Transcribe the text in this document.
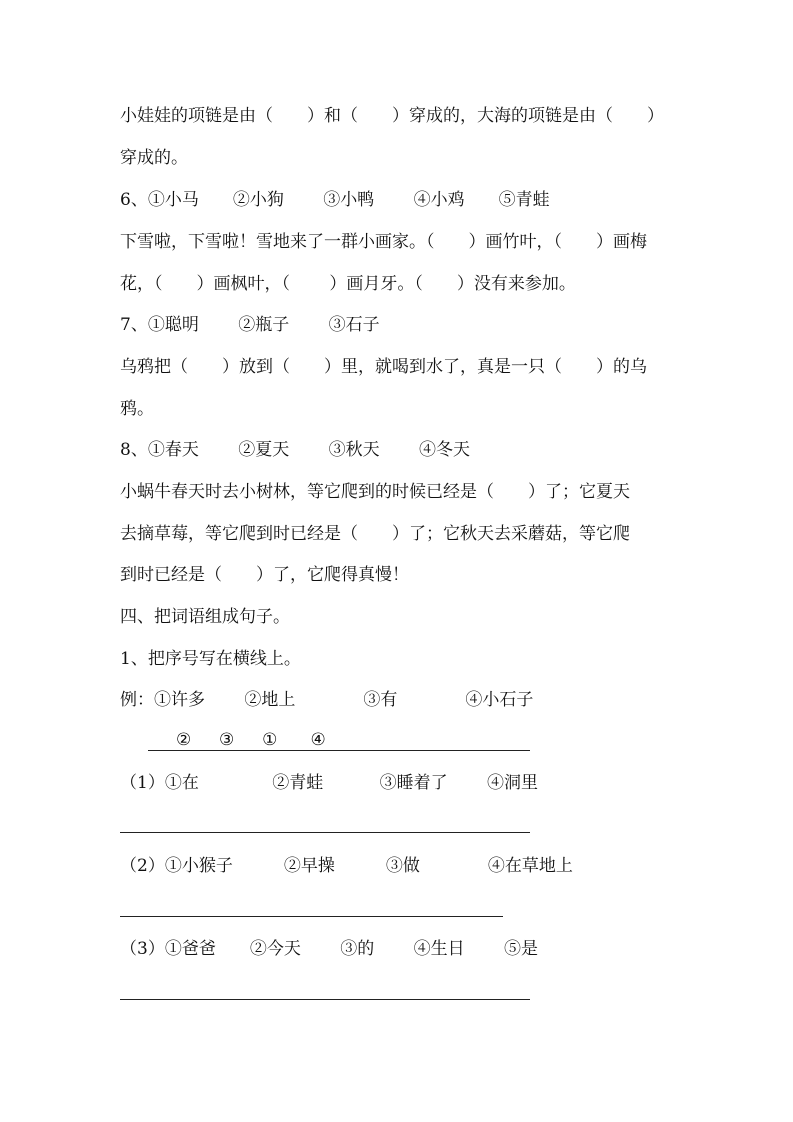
小娃娃的项链是由（　　）和（　　）穿成的，大海的项链是由（　　）

穿成的。

6、①小马　　②小狗　　 ③小鸭　　 ④小鸡　　⑤青蛙

下雪啦，下雪啦！雪地来了一群小画家。（　　）画竹叶，（　　）画梅

花，（　　）画枫叶，（　　 ）画月牙。（　　）没有来参加。

7、①聪明　　 ②瓶子　　 ③石子

乌鸦把（　　）放到（　　）里，就喝到水了，真是一只（　　）的乌

鸦。

8、①春天　　 ②夏天　　 ③秋天　　 ④冬天

小蜗牛春天时去小树林，等它爬到的时候已经是（　　）了；它夏天

去摘草莓，等它爬到时已经是（　　）了；它秋天去采蘑菇，等它爬

到时已经是（　　）了，它爬得真慢！

四、把词语组成句子。

1、把序号写在横线上。

例：①许多　　 ②地上　　　　③有　　　　④小石子

②　  ③　  ①　   ④

（1）①在　　　　 ②青蛙　　　 ③睡着了　　 ④洞里

（2）①小猴子　　　②早操　　　③做　　　　④在草地上

（3）①爸爸　　②今天　　 ③的　　 ④生日　　 ⑤是
